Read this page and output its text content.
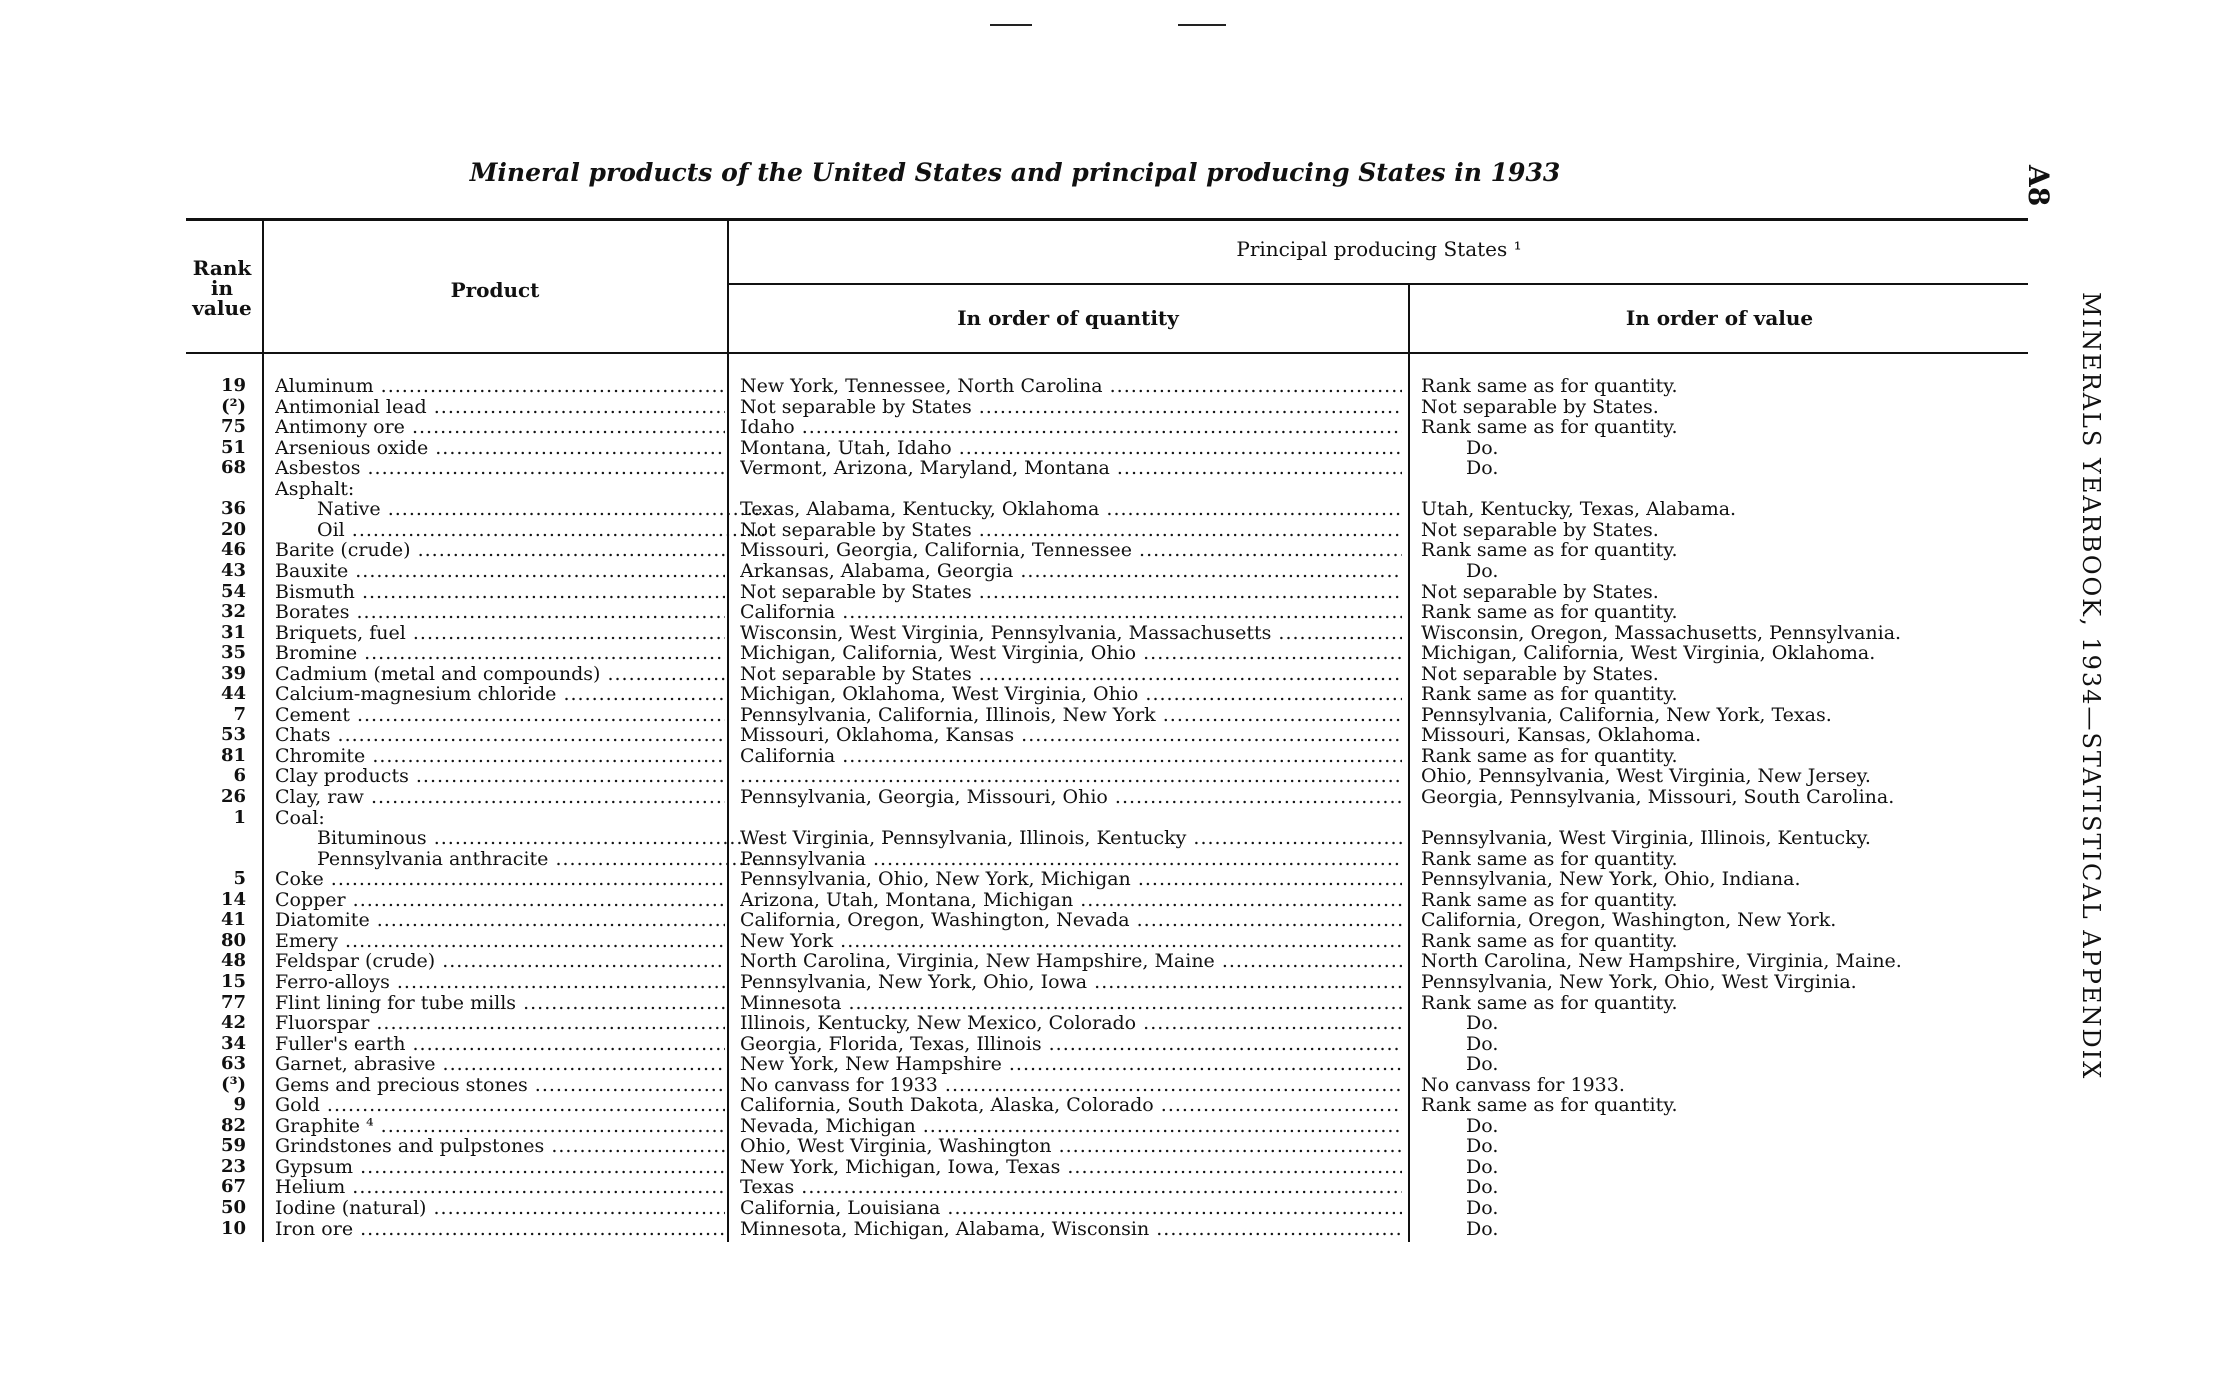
Mineral products of the United States and principal producing States in 1933	A8
MINERALS YEARBOOK, 1934—STATISTICAL APPENDIX
Rank in value
Product
Principal producing States ¹
In order of quantity	In order of value
19 Aluminum .....	New York, Tennessee, North Carolina .....	Rank same as for quantity.
(²) Antimonial lead .....	Not separable by States .....	Not separable by States.
75 Antimony ore .....	Idaho .....	Rank same as for quantity.
51 Arsenious oxide .....	Montana, Utah, Idaho .....	Do.
68 Asbestos .....	Vermont, Arizona, Maryland, Montana .....	Do.
Asphalt:
36	Native .....	Texas, Alabama, Kentucky, Oklahoma .....	Utah, Kentucky, Texas, Alabama.
20	Oil .....	Not separable by States .....	Not separable by States.
46 Barite (crude) .....	Missouri, Georgia, California, Tennessee .....	Rank same as for quantity.
43 Bauxite .....	Arkansas, Alabama, Georgia .....	Do.
54 Bismuth .....	Not separable by States .....	Not separable by States.
32 Borates .....	California .....	Rank same as for quantity.
31 Briquets, fuel .....	Wisconsin, West Virginia, Pennsylvania, Massachusetts .....	Wisconsin, Oregon, Massachusetts, Pennsylvania.
35 Bromine .....	Michigan, California, West Virginia, Ohio .....	Michigan, California, West Virginia, Oklahoma.
39 Cadmium (metal and compounds) .....	Not separable by States .....	Not separable by States.
44 Calcium-magnesium chloride .....	Michigan, Oklahoma, West Virginia, Ohio .....	Rank same as for quantity.
7 Cement .....	Pennsylvania, California, Illinois, New York .....	Pennsylvania, California, New York, Texas.
53 Chats .....	Missouri, Oklahoma, Kansas .....	Missouri, Kansas, Oklahoma.
81 Chromite .....	California .....	Rank same as for quantity.
6 Clay products ..... .....	Ohio, Pennsylvania, West Virginia, New Jersey.
26 Clay, raw .....	Pennsylvania, Georgia, Missouri, Ohio .....	Georgia, Pennsylvania, Missouri, South Carolina.
1 Coal:
Bituminous .....	West Virginia, Pennsylvania, Illinois, Kentucky .....	Pennsylvania, West Virginia, Illinois, Kentucky.
Pennsylvania anthracite .....	Pennsylvania .....	Rank same as for quantity.
5 Coke .....	Pennsylvania, Ohio, New York, Michigan .....	Pennsylvania, New York, Ohio, Indiana.
14 Copper .....	Arizona, Utah, Montana, Michigan .....	Rank same as for quantity.
41 Diatomite .....	California, Oregon, Washington, Nevada .....	California, Oregon, Washington, New York.
80 Emery .....	New York .....	Rank same as for quantity.
48 Feldspar (crude) .....	North Carolina, Virginia, New Hampshire, Maine .....	North Carolina, New Hampshire, Virginia, Maine.
15 Ferro-alloys .....	Pennsylvania, New York, Ohio, Iowa .....	Pennsylvania, New York, Ohio, West Virginia.
77 Flint lining for tube mills .....	Minnesota .....	Rank same as for quantity.
42 Fluorspar .....	Illinois, Kentucky, New Mexico, Colorado .....	Do.
34 Fuller's earth .....	Georgia, Florida, Texas, Illinois .....	Do.
63 Garnet, abrasive .....	New York, New Hampshire .....	Do.
(³) Gems and precious stones .....	No canvass for 1933 .....	No canvass for 1933.
9 Gold .....	California, South Dakota, Alaska, Colorado .....	Rank same as for quantity.
82 Graphite ⁴ .....	Nevada, Michigan .....	Do.
59 Grindstones and pulpstones .....	Ohio, West Virginia, Washington .....	Do.
23 Gypsum .....	New York, Michigan, Iowa, Texas .....	Do.
67 Helium .....	Texas .....	Do.
50 Iodine (natural) .....	California, Louisiana .....	Do.
10 Iron ore .....	Minnesota, Michigan, Alabama, Wisconsin .....	Do.
